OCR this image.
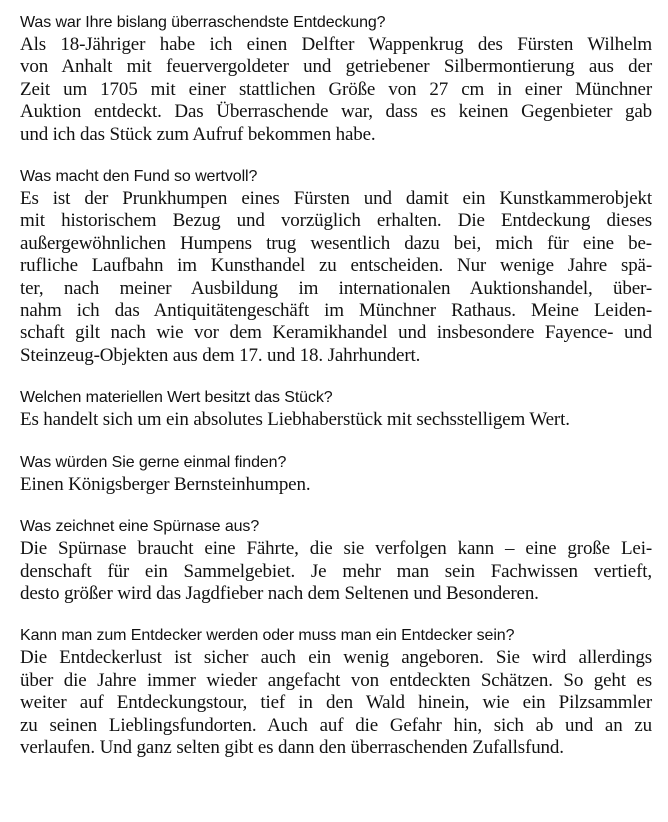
Was war Ihre bislang überraschendste Entdeckung?

Als 18-Jähriger habe ich einen Delfter Wappenkrug des Fürsten Wilhelm
von Anhalt mit feuervergoldeter und getriebener Silbermontierung aus der
Zeit um 1705 mit einer stattlichen Größe von 27 cm in einer Münchner
Auktion entdeckt. Das Überraschende war, dass es keinen Gegenbieter gab
und ich das Stück zum Aufruf bekommen habe.

Was macht den Fund so wertvoll?

Es ist der Prunkhumpen eines Fürsten und damit ein Kunstkammerobjekt
mit historischem Bezug und vorzüglich erhalten. Die Entdeckung dieses
außergewöhnlichen Humpens trug wesentlich dazu bei, mich für eine be-
rufliche Laufbahn im Kunsthandel zu entscheiden. Nur wenige Jahre spä-
ter, nach meiner Ausbildung im internationalen Auktionshandel, über-
nahm ich das Antiquitätengeschäft im Münchner Rathaus. Meine Leiden-
schaft gilt nach wie vor dem Keramikhandel und insbesondere Fayence- und
Steinzeug-Objekten aus dem 17. und 18. Jahrhundert.

Welchen materiellen Wert besitzt das Stück?

Es handelt sich um ein absolutes Liebhaberstück mit sechsstelligem Wert.

Was würden Sie gerne einmal finden?

Einen Königsberger Bernsteinhumpen.

Was zeichnet eine Spürnase aus?

Die Spürnase braucht eine Fährte, die sie verfolgen kann – eine große Lei-
denschaft für ein Sammelgebiet. Je mehr man sein Fachwissen vertieft,
desto größer wird das Jagdfieber nach dem Seltenen und Besonderen.

Kann man zum Entdecker werden oder muss man ein Entdecker sein?

Die Entdeckerlust ist sicher auch ein wenig angeboren. Sie wird allerdings
über die Jahre immer wieder angefacht von entdeckten Schätzen. So geht es
weiter auf Entdeckungstour, tief in den Wald hinein, wie ein Pilzsammler
zu seinen Lieblingsfundorten. Auch auf die Gefahr hin, sich ab und an zu
verlaufen. Und ganz selten gibt es dann den überraschenden Zufallsfund.
